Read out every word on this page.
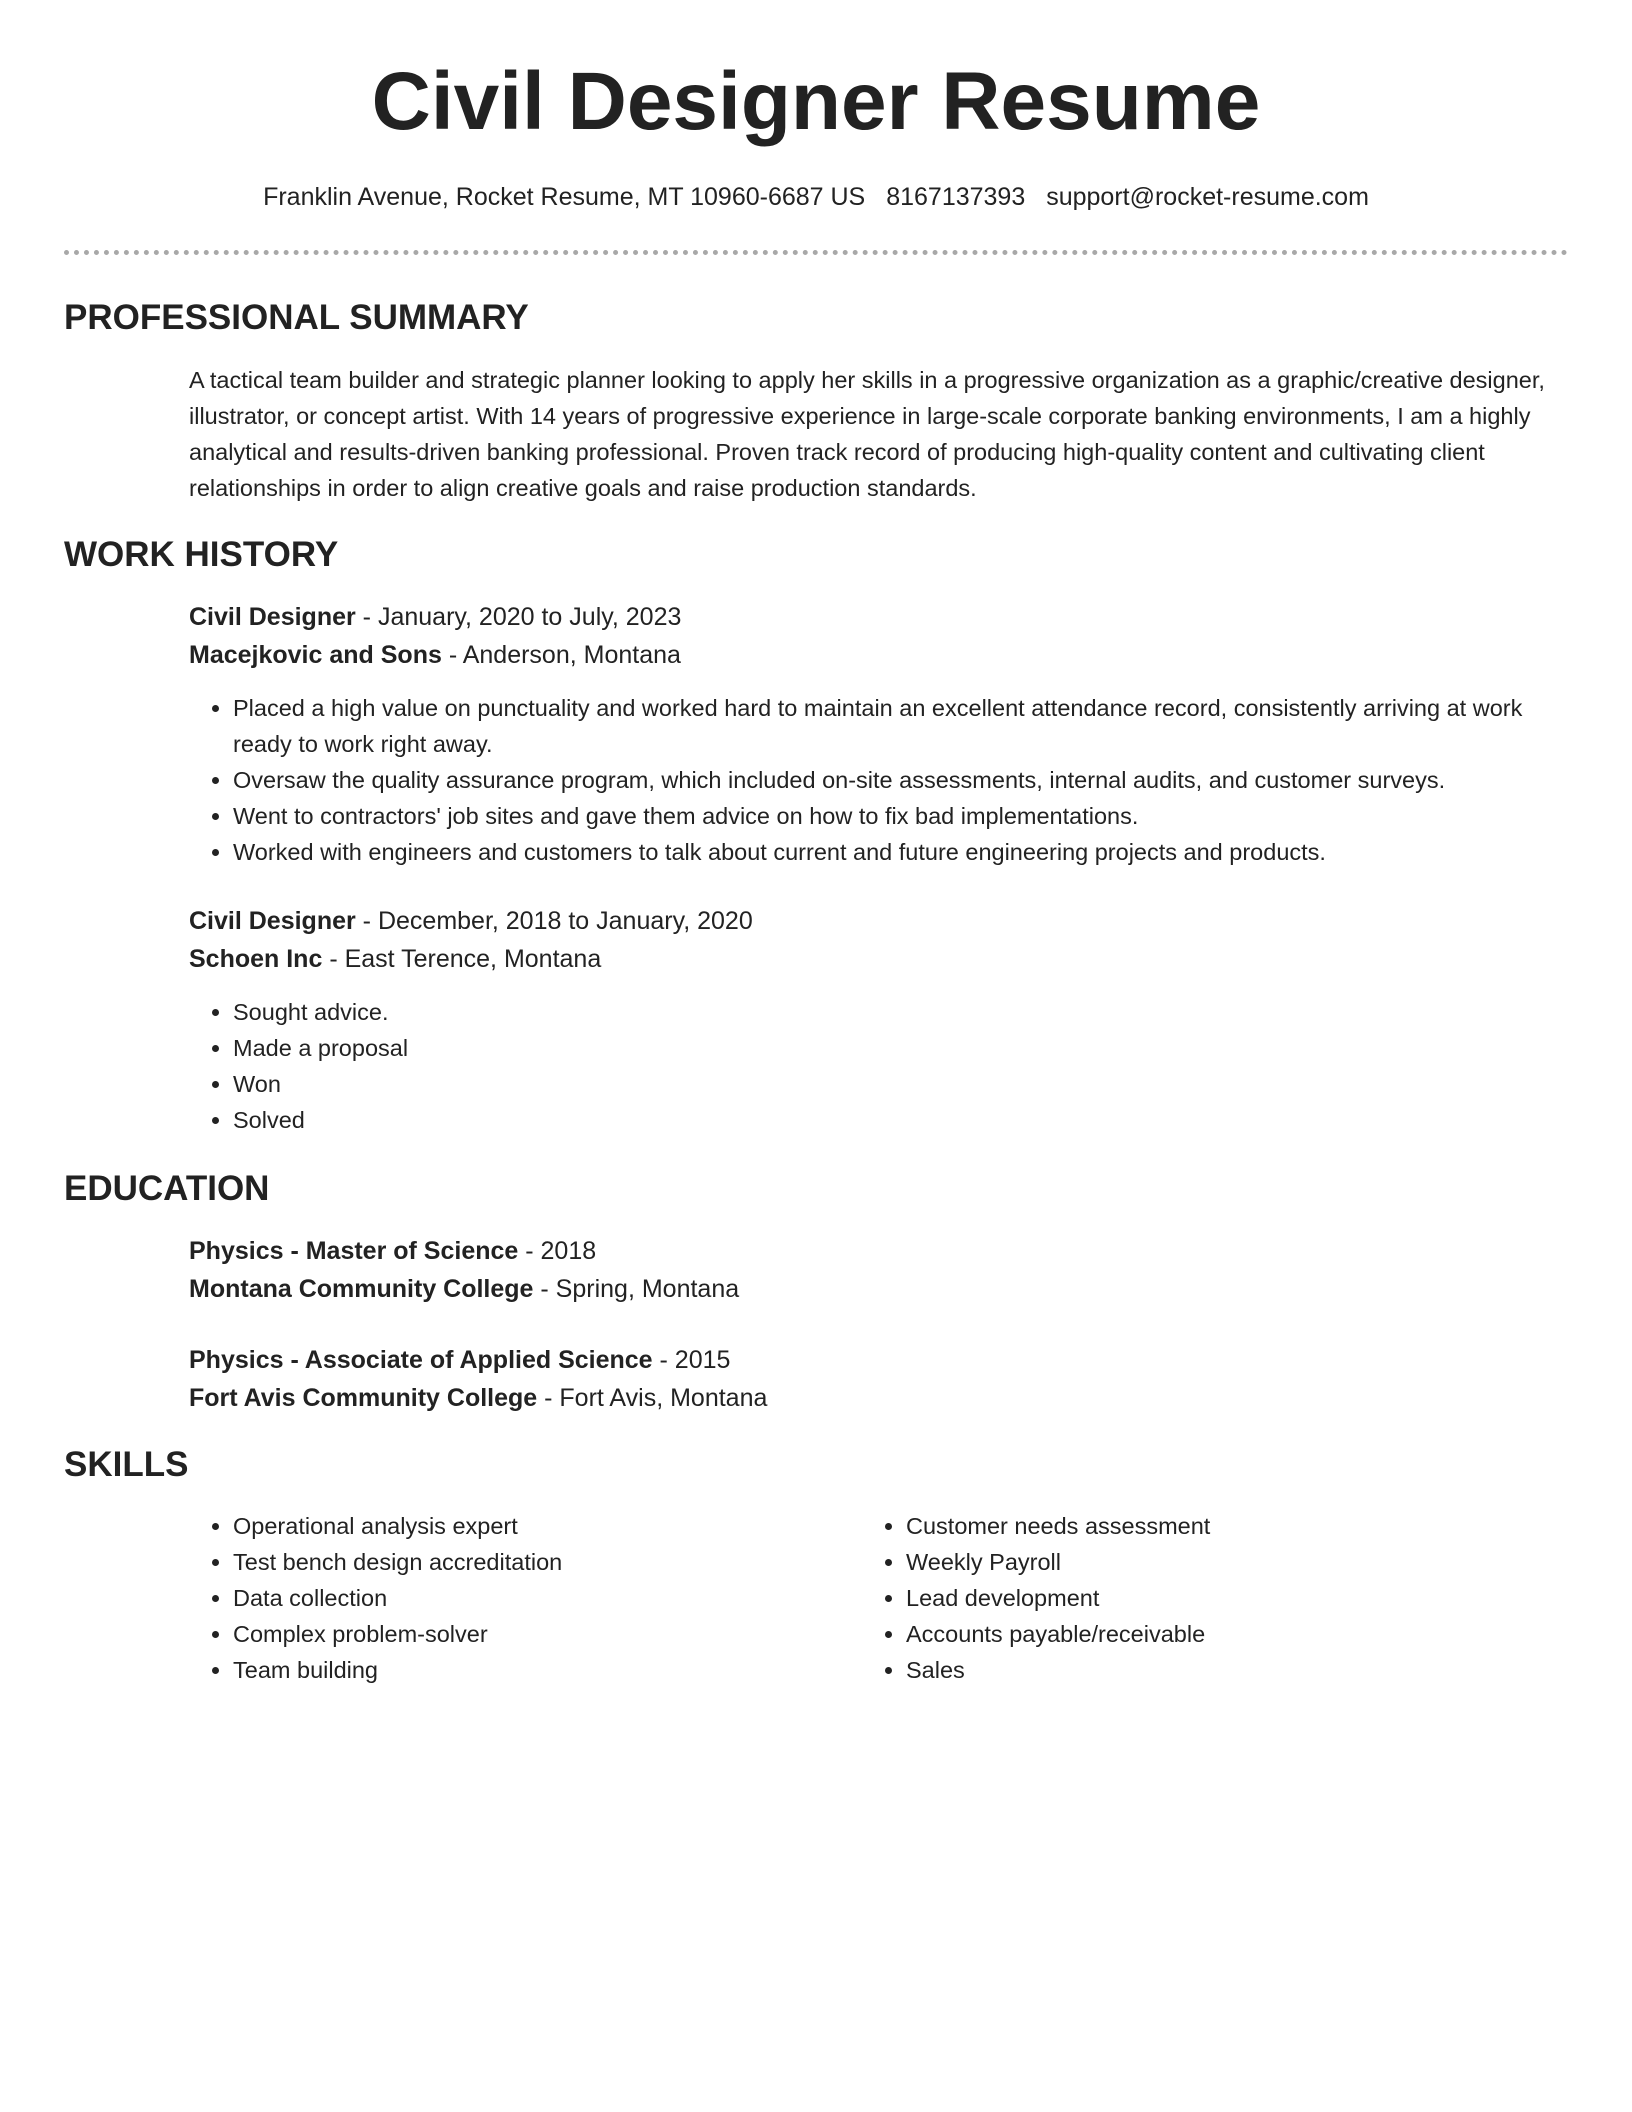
Civil Designer Resume
Franklin Avenue, Rocket Resume, MT 10960-6687 US 8167137393 support@rocket-resume.com
PROFESSIONAL SUMMARY

A tactical team builder and strategic planner looking to apply her skills in a progressive organization as a graphic/creative designer, illustrator, or concept artist. With 14 years of progressive experience in large-scale corporate banking environments, I am a highly analytical and results-driven banking professional. Proven track record of producing high-quality content and cultivating client relationships in order to align creative goals and raise production standards.

WORK HISTORY
Civil Designer - January, 2020 to July, 2023
Macejkovic and Sons - Anderson, Montana
• Placed a high value on punctuality and worked hard to maintain an excellent attendance record, consistently arriving at work ready to work right away.
• Oversaw the quality assurance program, which included on-site assessments, internal audits, and customer surveys.
• Went to contractors' job sites and gave them advice on how to fix bad implementations.
• Worked with engineers and customers to talk about current and future engineering projects and products.
Civil Designer - December, 2018 to January, 2020
Schoen Inc - East Terence, Montana
• Sought advice.
• Made a proposal
• Won
• Solved
EDUCATION
Physics - Master of Science - 2018
Montana Community College - Spring, Montana
Physics - Associate of Applied Science - 2015
Fort Avis Community College - Fort Avis, Montana
SKILLS
• Operational analysis expert
• Test bench design accreditation
• Data collection
• Complex problem-solver
• Team building
• Customer needs assessment
• Weekly Payroll
• Lead development
• Accounts payable/receivable
• Sales
